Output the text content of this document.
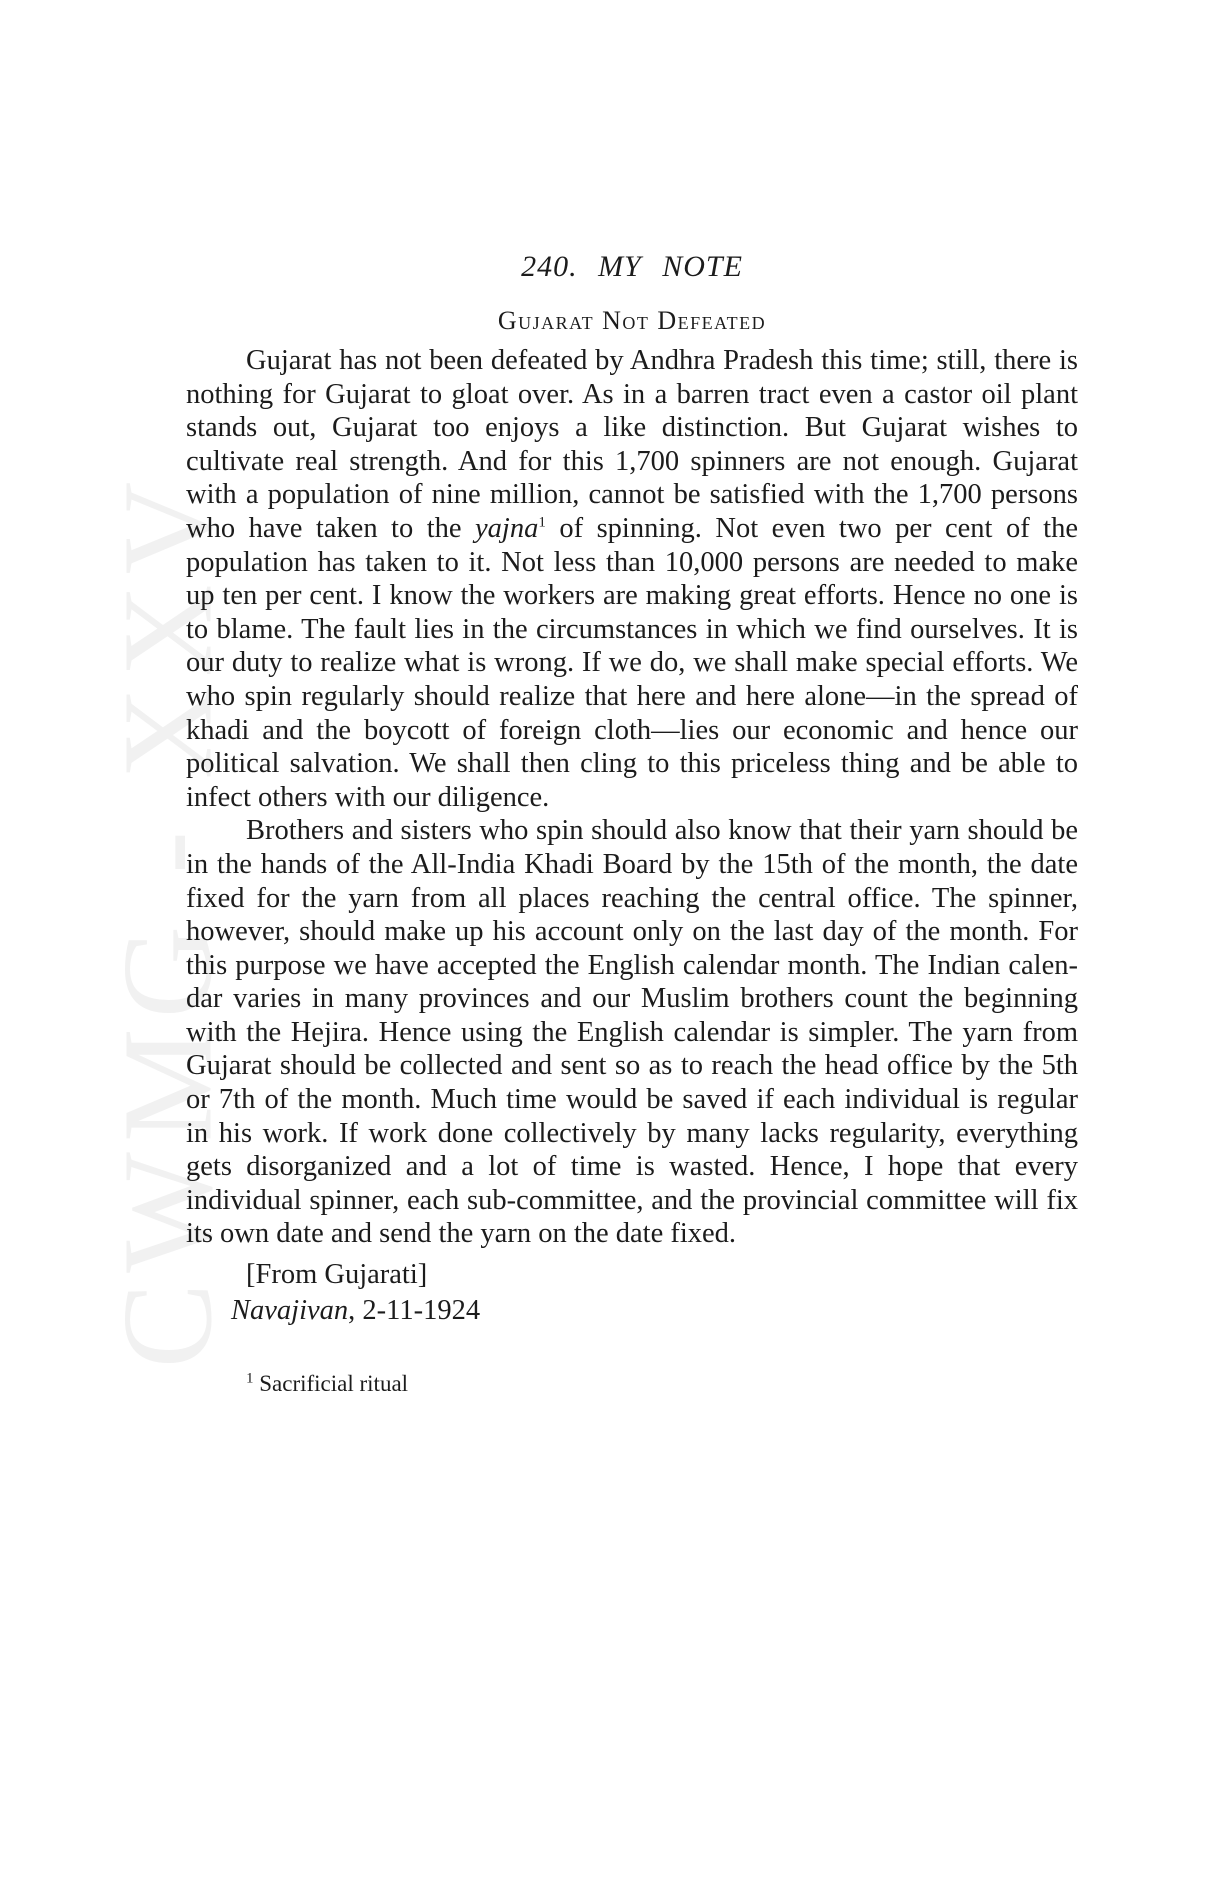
CWMG - XXV
240. MY NOTE
Gujarat Not Defeated

Gujarat has not been defeated by Andhra Pradesh this time; still, there is nothing for Gujarat to gloat over. As in a barren tract even a castor oil plant stands out, Gujarat too enjoys a like distinction. But Gujarat wishes to cultivate real strength. And for this 1,700 spinners are not enough. Gujarat with a population of nine million, cannot be satisfied with the 1,700 persons who have taken to the yajna$^1$ of spinning. Not even two per cent of the population has taken to it. Not less than 10,000 persons are needed to make up ten per cent. I know the workers are making great efforts. Hence no one is to blame. The fault lies in the circumstances in which we find ourselves. It is our duty to realize what is wrong. If we do, we shall make special efforts. We who spin regularly should realize that here and here alone—in the spread of khadi and the boycott of foreign cloth—lies our economic and hence our political salvation. We shall then cling to this priceless thing and be able to infect others with our diligence.

Brothers and sisters who spin should also know that their yarn should be in the hands of the All-India Khadi Board by the 15th of the month, the date fixed for the yarn from all places reaching the central office. The spinner, however, should make up his account only on the last day of the month. For this purpose we have accepted the English calendar month. The Indian calendar varies in many provinces and our Muslim brothers count the beginning with the Hejira. Hence using the English calendar is simpler. The yarn from Gujarat should be collected and sent so as to reach the head office by the 5th or 7th of the month. Much time would be saved if each individual is regular in his work. If work done collectively by many lacks regularity, everything gets disorganized and a lot of time is wasted. Hence, I hope that every individual spinner, each sub-committee, and the provincial committee will fix its own date and send the yarn on the date fixed.

[From Gujarati]
Navajivan, 2-11-1924
$^1$ Sacrificial ritual
